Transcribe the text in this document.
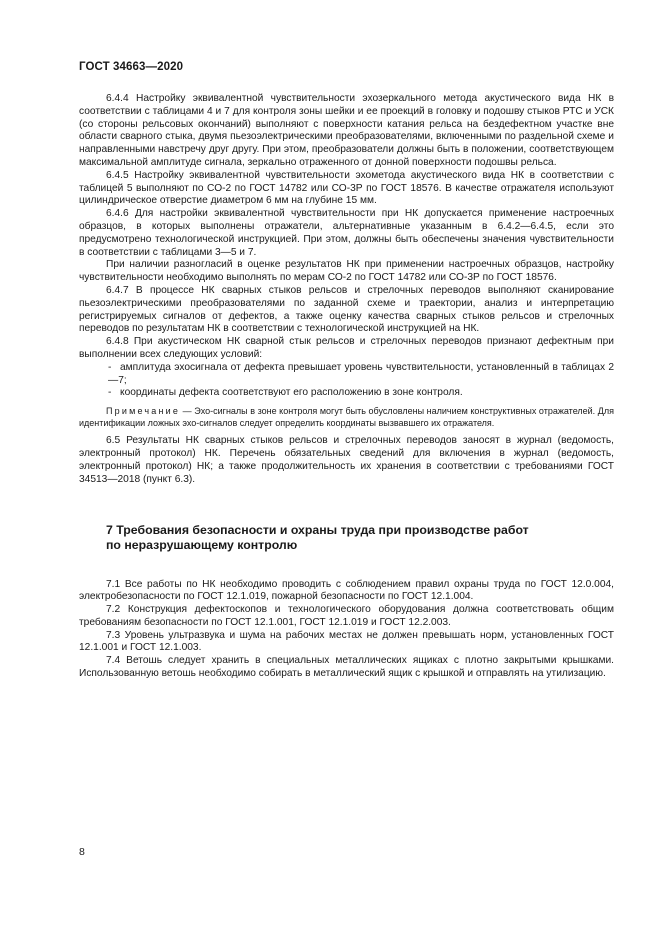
ГОСТ 34663—2020

6.4.4 Настройку эквивалентной чувствительности эхозеркального метода акустического вида НК в соответствии с таблицами 4 и 7 для контроля зоны шейки и ее проекций в головку и подошву стыков РТС и УСК (со стороны рельсовых окончаний) выполняют с поверхности катания рельса на бездефектном участке вне области сварного стыка, двумя пьезоэлектрическими преобразователями, включенными по раздельной схеме и направленными навстречу друг другу. При этом, преобразователи должны быть в положении, соответствующем максимальной амплитуде сигнала, зеркально отраженного от донной поверхности подошвы рельса.

6.4.5 Настройку эквивалентной чувствительности эхометода акустического вида НК в соответствии с таблицей 5 выполняют по СО-2 по ГОСТ 14782 или СО-3Р по ГОСТ 18576. В качестве отражателя используют цилиндрическое отверстие диаметром 6 мм на глубине 15 мм.

6.4.6 Для настройки эквивалентной чувствительности при НК допускается применение настроечных образцов, в которых выполнены отражатели, альтернативные указанным в 6.4.2—6.4.5, если это предусмотрено технологической инструкцией. При этом, должны быть обеспечены значения чувствительности в соответствии с таблицами 3—5 и 7.

При наличии разногласий в оценке результатов НК при применении настроечных образцов, настройку чувствительности необходимо выполнять по мерам СО-2 по ГОСТ 14782 или СО-3Р по ГОСТ 18576.

6.4.7 В процессе НК сварных стыков рельсов и стрелочных переводов выполняют сканирование пьезоэлектрическими преобразователями по заданной схеме и траектории, анализ и интерпретацию регистрируемых сигналов от дефектов, а также оценку качества сварных стыков рельсов и стрелочных переводов по результатам НК в соответствии с технологической инструкцией на НК.

6.4.8 При акустическом НК сварной стык рельсов и стрелочных переводов признают дефектным при выполнении всех следующих условий:

- амплитуда эхосигнала от дефекта превышает уровень чувствительности, установленный в таблицах 2—7;

- координаты дефекта соответствуют его расположению в зоне контроля.

Примечание — Эхо-сигналы в зоне контроля могут быть обусловлены наличием конструктивных отражателей. Для идентификации ложных эхо-сигналов следует определить координаты вызвавшего их отражателя.

6.5 Результаты НК сварных стыков рельсов и стрелочных переводов заносят в журнал (ведомость, электронный протокол) НК. Перечень обязательных сведений для включения в журнал (ведомость, электронный протокол) НК; а также продолжительность их хранения в соответствии с требованиями ГОСТ 34513—2018 (пункт 6.3).

7 Требования безопасности и охраны труда при производстве работ
по неразрушающему контролю

7.1 Все работы по НК необходимо проводить с соблюдением правил охраны труда по ГОСТ 12.0.004, электробезопасности по ГОСТ 12.1.019, пожарной безопасности по ГОСТ 12.1.004.

7.2 Конструкция дефектоскопов и технологического оборудования должна соответствовать общим требованиям безопасности по ГОСТ 12.1.001, ГОСТ 12.1.019 и ГОСТ 12.2.003.

7.3 Уровень ультразвука и шума на рабочих местах не должен превышать норм, установленных ГОСТ 12.1.001 и ГОСТ 12.1.003.

7.4 Ветошь следует хранить в специальных металлических ящиках с плотно закрытыми крышками. Использованную ветошь необходимо собирать в металлический ящик с крышкой и отправлять на утилизацию.

8
